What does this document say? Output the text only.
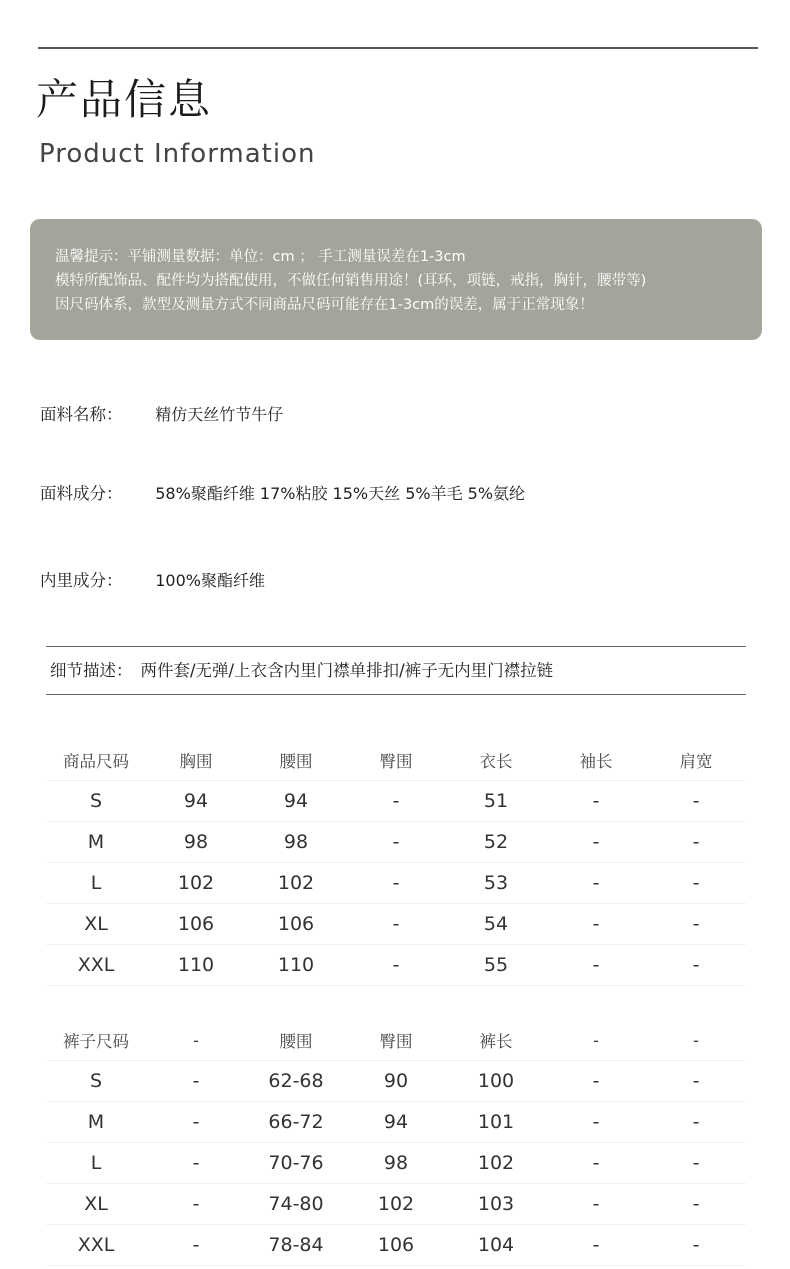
产品信息
Product Information
温馨提示：平铺测量数据：单位：cm ； 手工测量误差在1-3cm
模特所配饰品、配件均为搭配使用，不做任何销售用途！(耳环，项链，戒指，胸针，腰带等)
因尺码体系，款型及测量方式不同商品尺码可能存在1-3cm的误差，属于正常现象！
面料名称： 精仿天丝竹节牛仔
面料成分： 58%聚酯纤维 17%粘胶 15%天丝 5%羊毛 5%氨纶
内里成分： 100%聚酯纤维
细节描述： 两件套/无弹/上衣含内里门襟单排扣/裤子无内里门襟拉链
商品尺码	胸围	腰围	臀围	衣长	袖长	肩宽
S	94	94	-	51	-	-
M	98	98	-	52	-	-
L	102	102	-	53	-	-
XL	106	106	-	54	-	-
XXL	110	110	-	55	-	-
裤子尺码	-	腰围	臀围	裤长	-	-
S	-	62-68	90	100	-	-
M	-	66-72	94	101	-	-
L	-	70-76	98	102	-	-
XL	-	74-80	102	103	-	-
XXL	-	78-84	106	104	-	-
